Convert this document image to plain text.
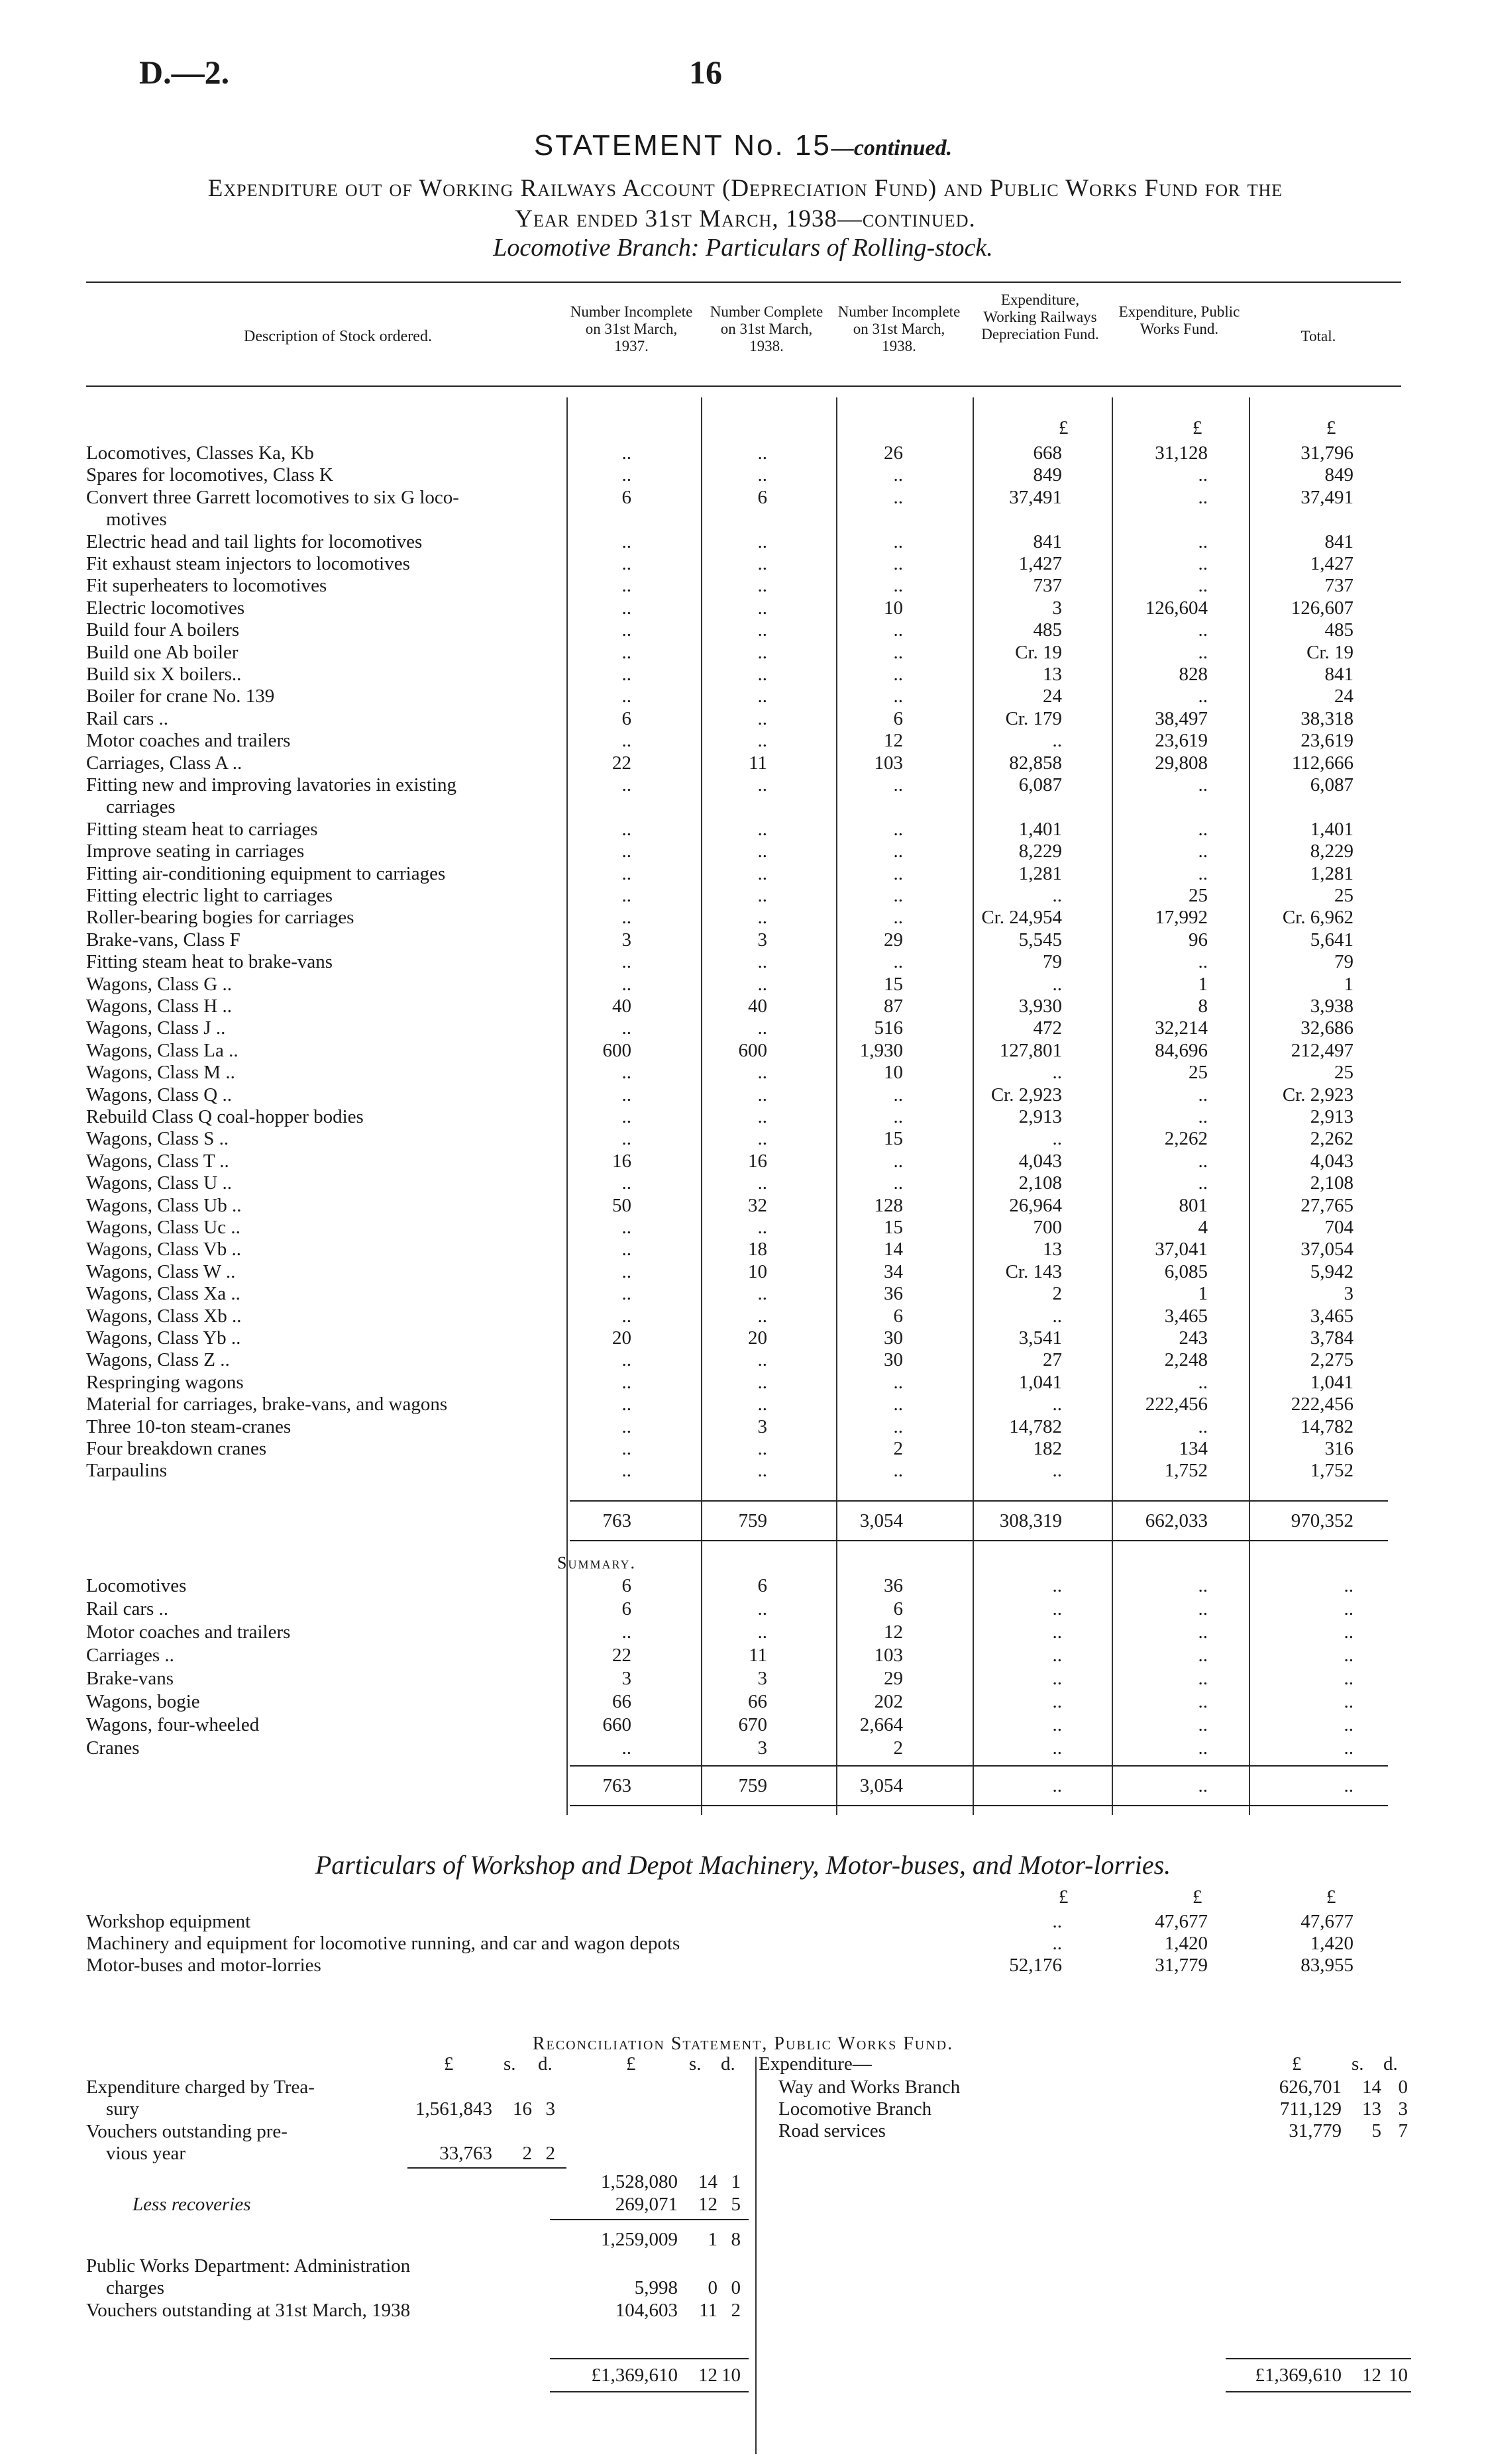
D.—2.	16
STATEMENT No. 15—continued.
Expenditure out of Working Railways Account (Depreciation Fund) and Public Works Fund for the
Year ended 31st March, 1938—continued.
Locomotive Branch: Particulars of Rolling-stock.
Description of Stock ordered.
Number Incomplete on 31st March, 1937.
Number Complete on 31st March, 1938.
Number Incomplete on 31st March, 1938.
Expenditure, Working Railways Depreciation Fund.
Expenditure, Public Works Fund.	Total.
£	£	£
Locomotives, Classes Ka, Kb	..	..	26	668	31,128	31,796
Spares for locomotives, Class K	..	..	..	849	..	849
Convert three Garrett locomotives to six G loco-	6	6	..	37,491	..	37,491
motives
Electric head and tail lights for locomotives	..	..	..	841	..	841
Fit exhaust steam injectors to locomotives	..	..	..	1,427	..	1,427
Fit superheaters to locomotives	..	..	..	737	..	737
Electric locomotives	..	..	10	3	126,604	126,607
Build four A boilers	..	..	..	485	..	485
Build one Ab boiler	..	..	..	Cr. 19	..	Cr. 19
Build six X boilers..	..	..	..	13	828	841
Boiler for crane No. 139	..	..	..	24	..	24
Rail cars ..	6	..	6	Cr. 179	38,497	38,318
Motor coaches and trailers	..	..	12	..	23,619	23,619
Carriages, Class A ..	22	11	103	82,858	29,808	112,666
Fitting new and improving lavatories in existing	..	..	..	6,087	..	6,087
carriages
Fitting steam heat to carriages	..	..	..	1,401	..	1,401
Improve seating in carriages	..	..	..	8,229	..	8,229
Fitting air-conditioning equipment to carriages	..	..	..	1,281	..	1,281
Fitting electric light to carriages	..	..	..	..	25	25
Roller-bearing bogies for carriages	..	..	..	Cr. 24,954	17,992	Cr. 6,962
Brake-vans, Class F	3	3	29	5,545	96	5,641
Fitting steam heat to brake-vans	..	..	..	79	..	79
Wagons, Class G ..	..	..	15	..	1	1
Wagons, Class H ..	40	40	87	3,930	8	3,938
Wagons, Class J ..	..	..	516	472	32,214	32,686
Wagons, Class La ..	600	600	1,930	127,801	84,696	212,497
Wagons, Class M ..	..	..	10	..	25	25
Wagons, Class Q ..	..	..	..	Cr. 2,923	..	Cr. 2,923
Rebuild Class Q coal-hopper bodies	..	..	..	2,913	..	2,913
Wagons, Class S ..	..	..	15	..	2,262	2,262
Wagons, Class T ..	16	16	..	4,043	..	4,043
Wagons, Class U ..	..	..	..	2,108	..	2,108
Wagons, Class Ub ..	50	32	128	26,964	801	27,765
Wagons, Class Uc ..	..	..	15	700	4	704
Wagons, Class Vb ..	..	18	14	13	37,041	37,054
Wagons, Class W ..	..	10	34	Cr. 143	6,085	5,942
Wagons, Class Xa ..	..	..	36	2	1	3
Wagons, Class Xb ..	..	..	6	..	3,465	3,465
Wagons, Class Yb ..	20	20	30	3,541	243	3,784
Wagons, Class Z ..	..	..	30	27	2,248	2,275
Respringing wagons	..	..	..	1,041	..	1,041
Material for carriages, brake-vans, and wagons	..	..	..	..	222,456	222,456
Three 10-ton steam-cranes	..	3	..	14,782	..	14,782
Four breakdown cranes	..	..	2	182	134	316
Tarpaulins	..	..	..	..	1,752	1,752
763	759	3,054	308,319	662,033	970,352
Summary.
Locomotives	6	6	36	..	..	..
Rail cars ..	6	..	6	..	..	..
Motor coaches and trailers	..	..	12	..	..	..
Carriages ..	22	11	103	..	..	..
Brake-vans	3	3	29	..	..	..
Wagons, bogie	66	66	202	..	..	..
Wagons, four-wheeled	660	670	2,664	..	..	..
Cranes	..	3	2	..	..	..
763	759	3,054	..	..	..
Particulars of Workshop and Depot Machinery, Motor-buses, and Motor-lorries.
£	£	£
Workshop equipment	..	47,677	47,677
Machinery and equipment for locomotive running, and car and wagon depots	..	1,420	1,420
Motor-buses and motor-lorries	52,176	31,779	83,955
Reconciliation Statement, Public Works Fund.
£	s. d.	£	s. d.
Expenditure charged by Trea-
sury	1,561,843 16 3
Vouchers outstanding pre-
vious year	33,763 2 2
1,528,080 14 1
Less recoveries	269,071 12 5
1,259,009 1 8
Public Works Department: Administration
charges	5,998 0 0
Vouchers outstanding at 31st March, 1938	104,603 11 2
£1,369,610 12 10
Expenditure—	£	s. d.
Way and Works Branch	626,701 14 0
Locomotive Branch	711,129 13 3
Road services	31,779 5 7
£1,369,610 12 10
